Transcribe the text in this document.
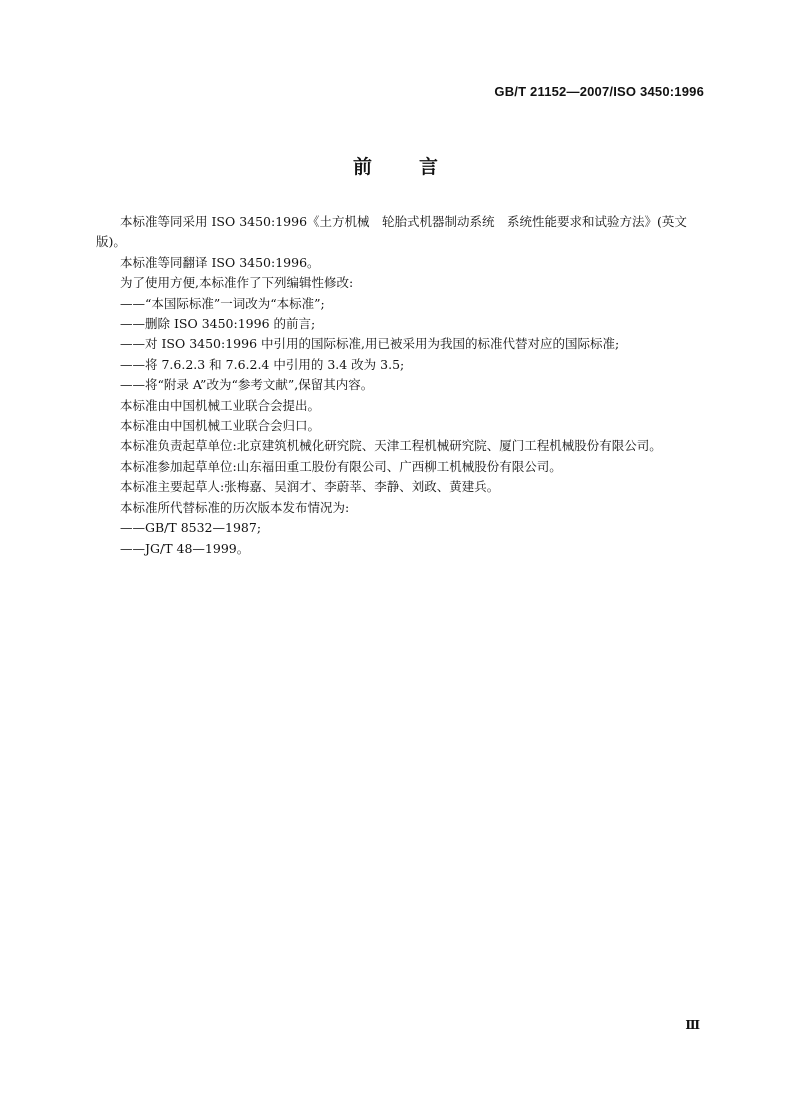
GB/T 21152—2007/ISO 3450:1996
前 言

本标准等同采用 ISO 3450:1996《土方机械　轮胎式机器制动系统　系统性能要求和试验方法》(英文版)。

本标准等同翻译 ISO 3450:1996。

为了使用方便,本标准作了下列编辑性修改:

——“本国际标准”一词改为“本标准”;

——删除 ISO 3450:1996 的前言;

——对 ISO 3450:1996 中引用的国际标准,用已被采用为我国的标准代替对应的国际标准;

——将 7.6.2.3 和 7.6.2.4 中引用的 3.4 改为 3.5;

——将“附录 A”改为“参考文献”,保留其内容。

本标准由中国机械工业联合会提出。

本标准由中国机械工业联合会归口。

本标准负责起草单位:北京建筑机械化研究院、天津工程机械研究院、厦门工程机械股份有限公司。

本标准参加起草单位:山东福田重工股份有限公司、广西柳工机械股份有限公司。

本标准主要起草人:张梅嘉、吴润才、李蔚莘、李静、刘政、黄建兵。

本标准所代替标准的历次版本发布情况为:

——GB/T 8532—1987;

——JG/T 48—1999。

Ⅲ
